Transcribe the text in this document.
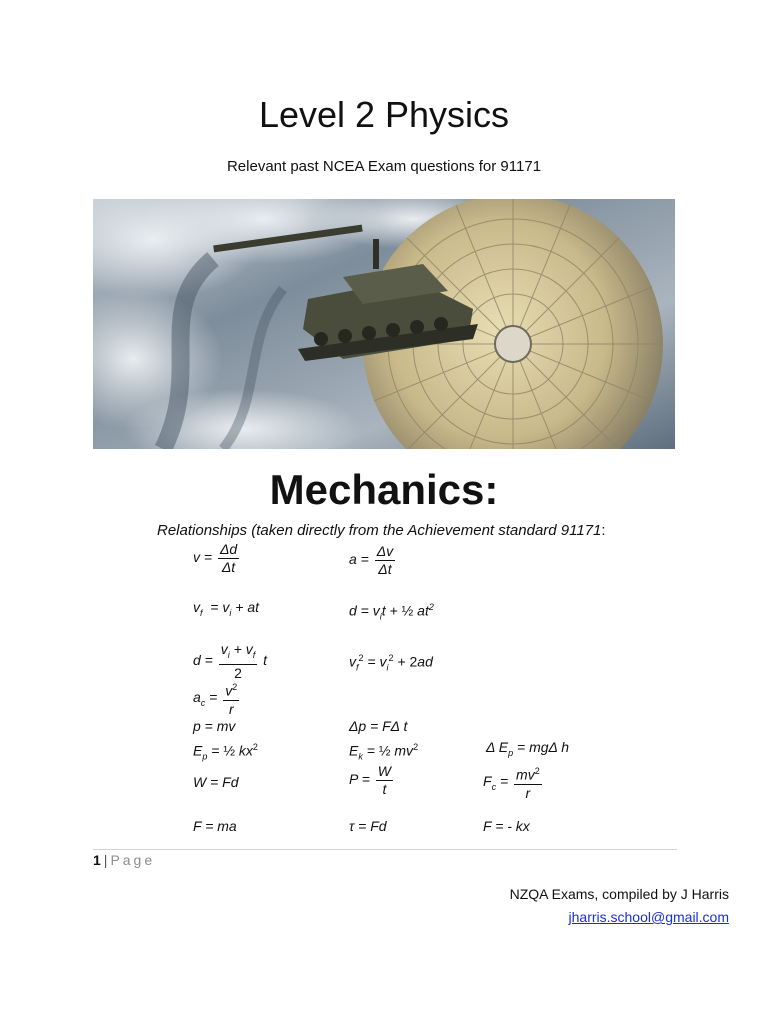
Level 2 Physics
Relevant past NCEA Exam questions for 91171
Mechanics:
Relationships (taken directly from the Achievement standard 91171:
$v = \frac{\Delta d}{\Delta t}$	$a = \frac{\Delta v}{\Delta t}$
$v_f = v_i$ + at	$d = v_it$ + ½ $at^2$
$d = \frac{v_i + v_f}{2}$ t	$v_f^2 = v_i^2 + 2ad$
$a_c = \frac{v^2}{r}$
p = mv	Δp = FΔ t
$E_p$ = ½ $kx^2$	$E_k$ = ½ $mv^2$	Δ $E_p = mg\Delta$ h
W = Fd	$P = \frac{W}{t}$	$F_c = \frac{mv^2}{r}$
F = ma	τ = Fd	F = - kx
1 | Page
NZQA Exams, compiled by J Harris
jharris.school@gmail.com
